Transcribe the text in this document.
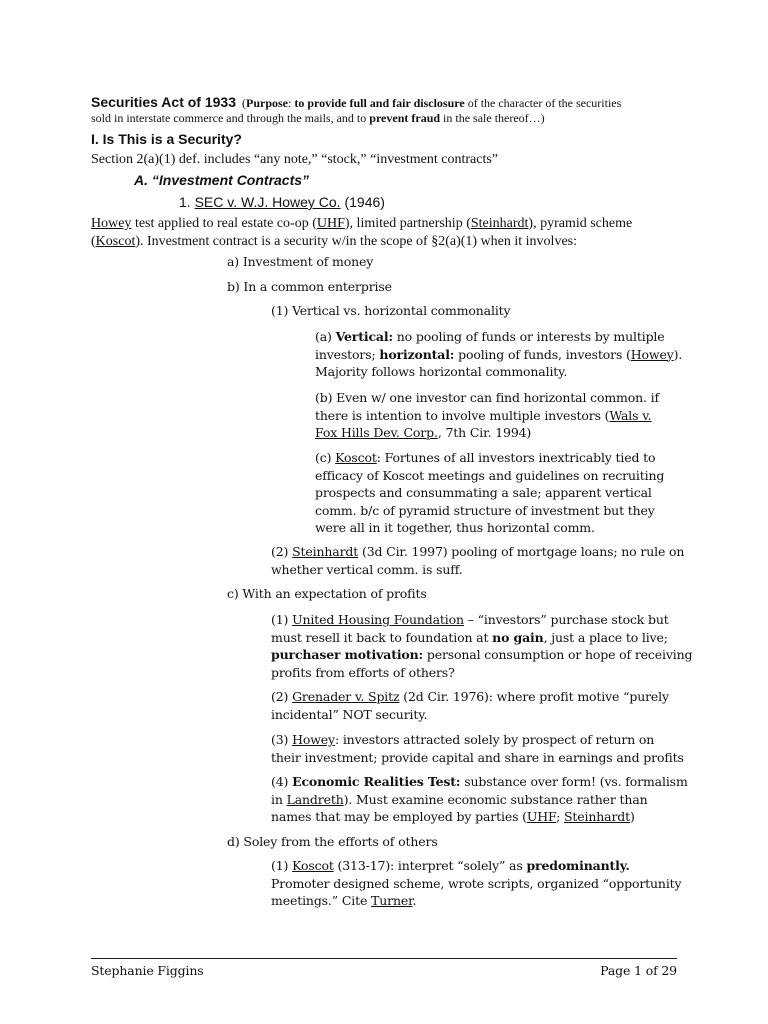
Securities Act of 1933 (Purpose: to provide full and fair disclosure of the character of the securities
sold in interstate commerce and through the mails, and to prevent fraud in the sale thereof…)
I. Is This is a Security?
Section 2(a)(1) def. includes “any note,” “stock,” “investment contracts”
A. “Investment Contracts”
1. SEC v. W.J. Howey Co. (1946)
Howey test applied to real estate co-op (UHF), limited partnership (Steinhardt), pyramid scheme
(Koscot). Investment contract is a security w/in the scope of §2(a)(1) when it involves:
a) Investment of money
b) In a common enterprise
(1) Vertical vs. horizontal commonality
(a) Vertical: no pooling of funds or interests by multiple
investors; horizontal: pooling of funds, investors (Howey).
Majority follows horizontal commonality.
(b) Even w/ one investor can find horizontal common. if
there is intention to involve multiple investors (Wals v.
Fox Hills Dev. Corp., 7th Cir. 1994)
(c) Koscot: Fortunes of all investors inextricably tied to
efficacy of Koscot meetings and guidelines on recruiting
prospects and consummating a sale; apparent vertical
comm. b/c of pyramid structure of investment but they
were all in it together, thus horizontal comm.
(2) Steinhardt (3d Cir. 1997) pooling of mortgage loans; no rule on
whether vertical comm. is suff.
c) With an expectation of profits
(1) United Housing Foundation – “investors” purchase stock but
must resell it back to foundation at no gain, just a place to live;
purchaser motivation: personal consumption or hope of receiving
profits from efforts of others?
(2) Grenader v. Spitz (2d Cir. 1976): where profit motive “purely
incidental” NOT security.
(3) Howey: investors attracted solely by prospect of return on
their investment; provide capital and share in earnings and profits
(4) Economic Realities Test: substance over form! (vs. formalism
in Landreth). Must examine economic substance rather than
names that may be employed by parties (UHF; Steinhardt)
d) Soley from the efforts of others
(1) Koscot (313-17): interpret “solely” as predominantly.
Promoter designed scheme, wrote scripts, organized “opportunity
meetings.” Cite Turner.
Stephanie Figgins	Page 1 of 29
